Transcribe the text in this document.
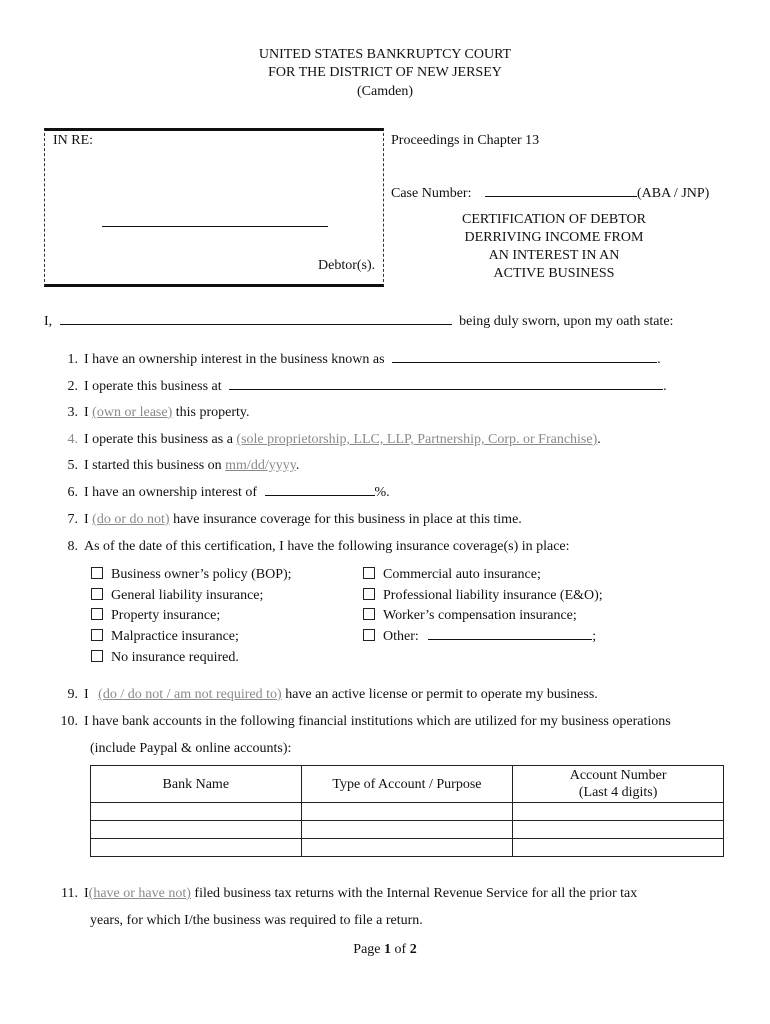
UNITED STATES BANKRUPTCY COURT
FOR THE DISTRICT OF NEW JERSEY
(Camden)
IN RE:
Debtor(s).
Proceedings in Chapter 13
Case Number:	(ABA / JNP)
CERTIFICATION OF DEBTOR
DERRIVING INCOME FROM
AN INTEREST IN AN
ACTIVE BUSINESS
I,	being duly sworn, upon my oath state:
1. I have an ownership interest in the business known as	.
2. I operate this business at	.
3. I (own or lease) this property.
4. I operate this business as a (sole proprietorship, LLC, LLP, Partnership, Corp. or Franchise).
5. I started this business on mm/dd/yyyy.
6. I have an ownership interest of	%.
7. I (do or do not) have insurance coverage for this business in place at this time.
8. As of the date of this certification, I have the following insurance coverage(s) in place:
Business owner’s policy (BOP);
General liability insurance;
Property insurance;
Malpractice insurance;
No insurance required.
Commercial auto insurance;
Professional liability insurance (E&O);
Worker’s compensation insurance;
Other:	;
9. I (do / do not / am not required to) have an active license or permit to operate my business.
10. I have bank accounts in the following financial institutions which are utilized for my business operations
(include Paypal & online accounts):
Bank Name	Type of Account / Purpose	Account Number
(Last 4 digits)

11. I(have or have not) filed business tax returns with the Internal Revenue Service for all the prior tax
years, for which I/the business was required to file a return.
Page 1 of 2
